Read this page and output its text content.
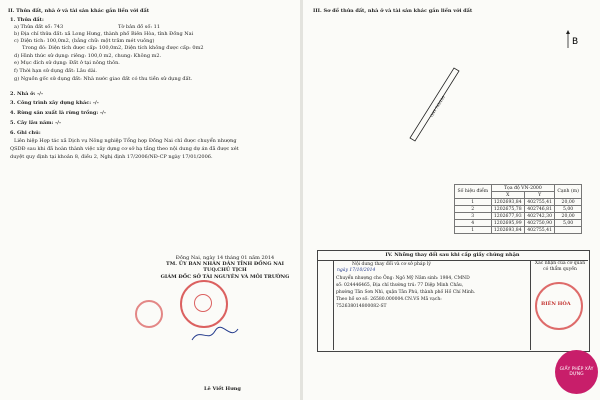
II. Thửa đất, nhà ở và tài sản khác gắn liền với đất
1. Thửa đất:
a) Thửa đất số: 743	Tờ bản đồ số: 11
b) Địa chỉ thửa đất: xã Long Hưng, thành phố Biên Hòa, tỉnh Đồng Nai
c) Diện tích: 100,0m2, (bằng chữ: một trăm mét vuông)
Trong đó: Diện tích được cấp: 100,0m2, Diện tích không được cấp: 0m2
d) Hình thức sử dụng: riêng: 100,0 m2, chung: Không m2.
e) Mục đích sử dụng: Đất ở tại nông thôn.
f) Thời hạn sử dụng đất: Lâu dài.
g) Nguồn gốc sử dụng đất: Nhà nước giao đất có thu tiền sử dụng đất.
2. Nhà ở: -/-
3. Công trình xây dựng khác: -/-
4. Rừng sản xuất là rừng trồng: -/-
5. Cây lâu năm: -/-
6. Ghi chú:
Liên hiệp Hợp tác xã Dịch vụ Nông nghiệp Tổng hợp Đồng Nai chỉ được chuyển nhượng
QSDĐ sau khi đã hoàn thành việc xây dựng cơ sở hạ tầng theo nội dung dự án đã được xét
duyệt quy định tại khoản 8, điều 2, Nghị định 17/2006/NĐ-CP ngày 17/01/2006.
Đồng Nai, ngày 14 tháng 01 năm 2014
TM. ỦY BAN NHÂN DÂN TỈNH ĐỒNG NAI
TUQ.CHỦ TỊCH
GIÁM ĐỐC SỞ TÀI NGUYÊN VÀ MÔI TRƯỜNG
Lê Viết Hưng
III. Sơ đồ thửa đất, nhà ở và tài sản khác gắn liền với đất
B
ONT 743/100
Số hiệu điểm	Tọa độ VN-2000		Cạnh (m)
	X	Y	
1	1202693,84	402755,41	20,00
2	1202675,78	402746,81	5,00
3	1202677,93	402742,30	20,00
4	1202695,99	402750,90	5,00
1	1202693,84	402755,41	
IV. Những thay đổi sau khi cấp giấy chứng nhận
Nội dung thay đổi và cơ sở pháp lý	Xác nhận của cơ quan có thẩm quyền
ngày 17/10/2014
Chuyển nhượng cho Ông: Ngô Mỹ Năm sinh: 1984, CMND
số: 024446465, Địa chỉ thường trú: 77 Diệp Minh Châu,
phường Tân Sơn Nhì, quận Tân Phú, thành phố Hồ Chí Minh.
Theo hồ sơ số: 26580.000004.CN.VS Mã vạch:
752638014800082-ST	BIÊN HÒA
GIẤY PHÉP XÂY DỰNG
